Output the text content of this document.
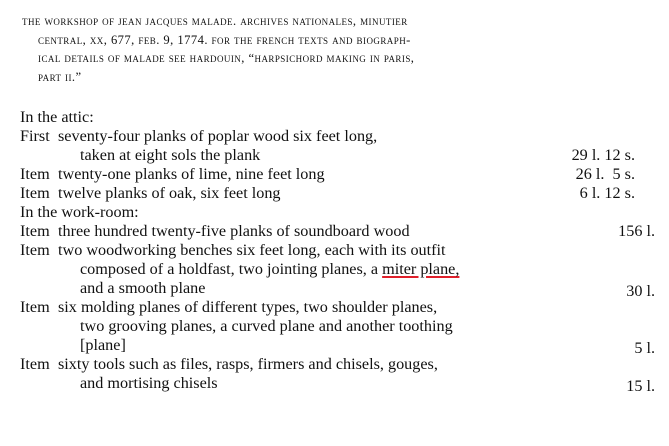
the workshop of jean jacques malade. archives nationales, minutier
central, xx, 677, feb. 9, 1774. for the french texts and biograph-
ical details of malade see hardouin, “harpsichord making in paris,
part ii.”
In the attic:
First seventy-four planks of poplar wood six feet long,
taken at eight sols the plank	29 l. 12 s.
Item twenty-one planks of lime, nine feet long	26 l.  5 s.
Item twelve planks of oak, six feet long	6 l. 12 s.
In the work-room:
Item three hundred twenty-five planks of soundboard wood	156 l.
Item two woodworking benches six feet long, each with its outfit
composed of a holdfast, two jointing planes, a miter plane,
and a smooth plane	30 l.
Item six molding planes of different types, two shoulder planes,
two grooving planes, a curved plane and another toothing
[plane]	5 l.
Item sixty tools such as files, rasps, firmers and chisels, gouges,
and mortising chisels	15 l.
